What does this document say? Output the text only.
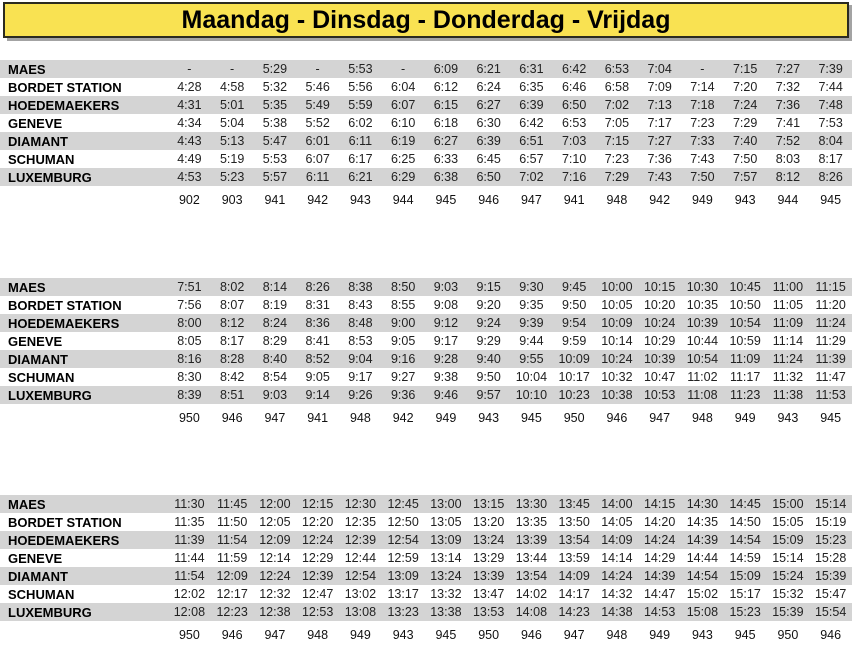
Maandag - Dinsdag - Donderdag - Vrijdag
MAES	-	-	5:29	-	5:53	-	6:09	6:21	6:31	6:42	6:53	7:04	-	7:15	7:27	7:39
BORDET STATION	4:28	4:58	5:32	5:46	5:56	6:04	6:12	6:24	6:35	6:46	6:58	7:09	7:14	7:20	7:32	7:44
HOEDEMAEKERS	4:31	5:01	5:35	5:49	5:59	6:07	6:15	6:27	6:39	6:50	7:02	7:13	7:18	7:24	7:36	7:48
GENEVE	4:34	5:04	5:38	5:52	6:02	6:10	6:18	6:30	6:42	6:53	7:05	7:17	7:23	7:29	7:41	7:53
DIAMANT	4:43	5:13	5:47	6:01	6:11	6:19	6:27	6:39	6:51	7:03	7:15	7:27	7:33	7:40	7:52	8:04
SCHUMAN	4:49	5:19	5:53	6:07	6:17	6:25	6:33	6:45	6:57	7:10	7:23	7:36	7:43	7:50	8:03	8:17
LUXEMBURG	4:53	5:23	5:57	6:11	6:21	6:29	6:38	6:50	7:02	7:16	7:29	7:43	7:50	7:57	8:12	8:26
902	903	941	942	943	944	945	946	947	941	948	942	949	943	944	945
MAES	7:51	8:02	8:14	8:26	8:38	8:50	9:03	9:15	9:30	9:45	10:00 10:15 10:30 10:45 11:00 11:15
BORDET STATION	7:56	8:07	8:19	8:31	8:43	8:55	9:08	9:20	9:35	9:50	10:05 10:20 10:35 10:50 11:05 11:20
HOEDEMAEKERS	8:00	8:12	8:24	8:36	8:48	9:00	9:12	9:24	9:39	9:54	10:09 10:24 10:39 10:54 11:09 11:24
GENEVE	8:05	8:17	8:29	8:41	8:53	9:05	9:17	9:29	9:44	9:59	10:14 10:29 10:44 10:59 11:14 11:29
DIAMANT	8:16	8:28	8:40	8:52	9:04	9:16	9:28	9:40	9:55	10:09 10:24 10:39 10:54 11:09 11:24 11:39
SCHUMAN	8:30	8:42	8:54	9:05	9:17	9:27	9:38	9:50	10:04 10:17 10:32 10:47 11:02 11:17 11:32 11:47
LUXEMBURG	8:39	8:51	9:03	9:14	9:26	9:36	9:46	9:57	10:10 10:23 10:38 10:53 11:08 11:23 11:38 11:53
950	946	947	941	948	942	949	943	945	950	946	947	948	949	943	945
MAES	11:30 11:45 12:00 12:15 12:30 12:45 13:00 13:15 13:30 13:45 14:00 14:15 14:30 14:45 15:00 15:14
BORDET STATION	11:35 11:50 12:05 12:20 12:35 12:50 13:05 13:20 13:35 13:50 14:05 14:20 14:35 14:50 15:05 15:19
HOEDEMAEKERS	11:39 11:54 12:09 12:24 12:39 12:54 13:09 13:24 13:39 13:54 14:09 14:24 14:39 14:54 15:09 15:23
GENEVE	11:44 11:59 12:14 12:29 12:44 12:59 13:14 13:29 13:44 13:59 14:14 14:29 14:44 14:59 15:14 15:28
DIAMANT	11:54 12:09 12:24 12:39 12:54 13:09 13:24 13:39 13:54 14:09 14:24 14:39 14:54 15:09 15:24 15:39
SCHUMAN	12:02 12:17 12:32 12:47 13:02 13:17 13:32 13:47 14:02 14:17 14:32 14:47 15:02 15:17 15:32 15:47
LUXEMBURG	12:08 12:23 12:38 12:53 13:08 13:23 13:38 13:53 14:08 14:23 14:38 14:53 15:08 15:23 15:39 15:54
950	946	947	948	949	943	945	950	946	947	948	949	943	945	950	946
